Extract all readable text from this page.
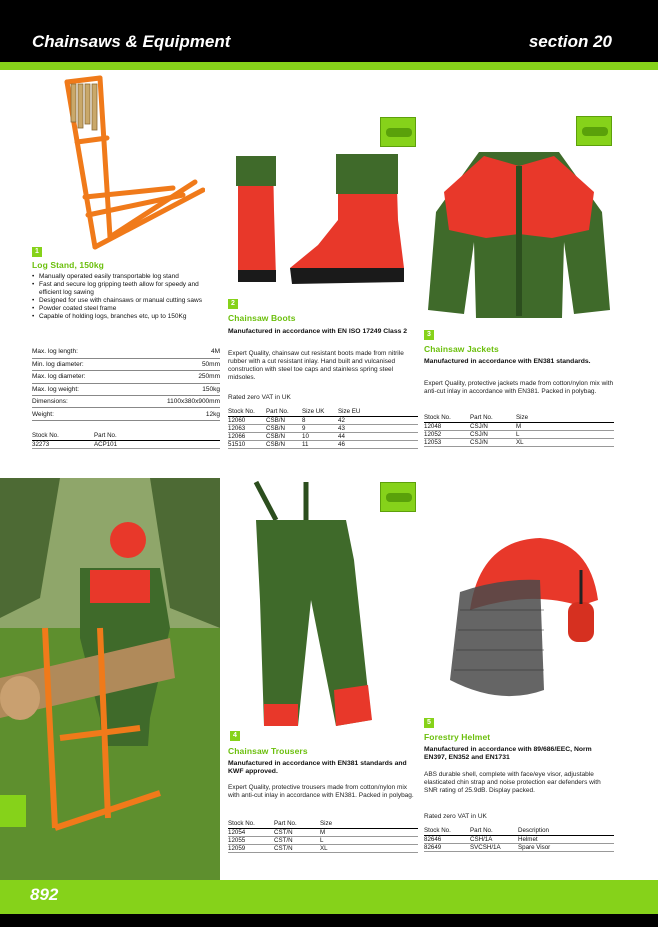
Chainsaws & Equipment	section 20
1
Log Stand, 150kg
• Manually operated easily transportable log stand
• Fast and secure log gripping teeth allow for speedy and efficient log sawing
• Designed for use with chainsaws or manual cutting saws
• Powder coated steel frame
• Capable of holding logs, branches etc, up to 150Kg
Max. log length:	4M
Min. log diameter:	50mm
Max. log diameter:	250mm
Max. log weight:	150kg
Dimensions:	1100x380x900mm
Weight:	12kg
Stock No.	Part No.
32273	ACP101
2
Chainsaw Boots
Manufactured in accordance with EN ISO 17249 Class 2
Expert Quality, chainsaw cut resistant boots made from nitrile rubber with a cut resistant inlay. Hand built and vulcanised construction with steel toe caps and stainless spring steel midsoles.
Rated zero VAT in UK
Stock No.	Part No.	Size UK	Size EU
12060	CSB/N	8	42
12063	CSB/N	9	43
12066	CSB/N	10	44
51510	CSB/N	11	46
3
Chainsaw Jackets
Manufactured in accordance with EN381 standards.
Expert Quality, protective jackets made from cotton/nylon mix with anti-cut inlay in accordance with EN381. Packed in polybag.
Stock No.	Part No.	Size
12048	CSJ/N	M
12052	CSJ/N	L
12053	CSJ/N	XL
4
Chainsaw Trousers
Manufactured in accordance with EN381 standards and KWF approved.
Expert Quality, protective trousers made from cotton/nylon mix with anti-cut inlay in accordance with EN381. Packed in polybag.
Stock No.	Part No.	Size
12054	CST/N	M
12055	CST/N	L
12059	CST/N	XL
5
Forestry Helmet
Manufactured in accordance with 89/686/EEC, Norm EN397, EN352 and EN1731
ABS durable shell, complete with face/eye visor, adjustable elasticated chin strap and noise protection ear defenders with SNR rating of 25.9dB. Display packed.
Rated zero VAT in UK
Stock No.	Part No.	Description
82646	CSH/1A	Helmet
82649	SVCSH/1A	Spare Visor
892
